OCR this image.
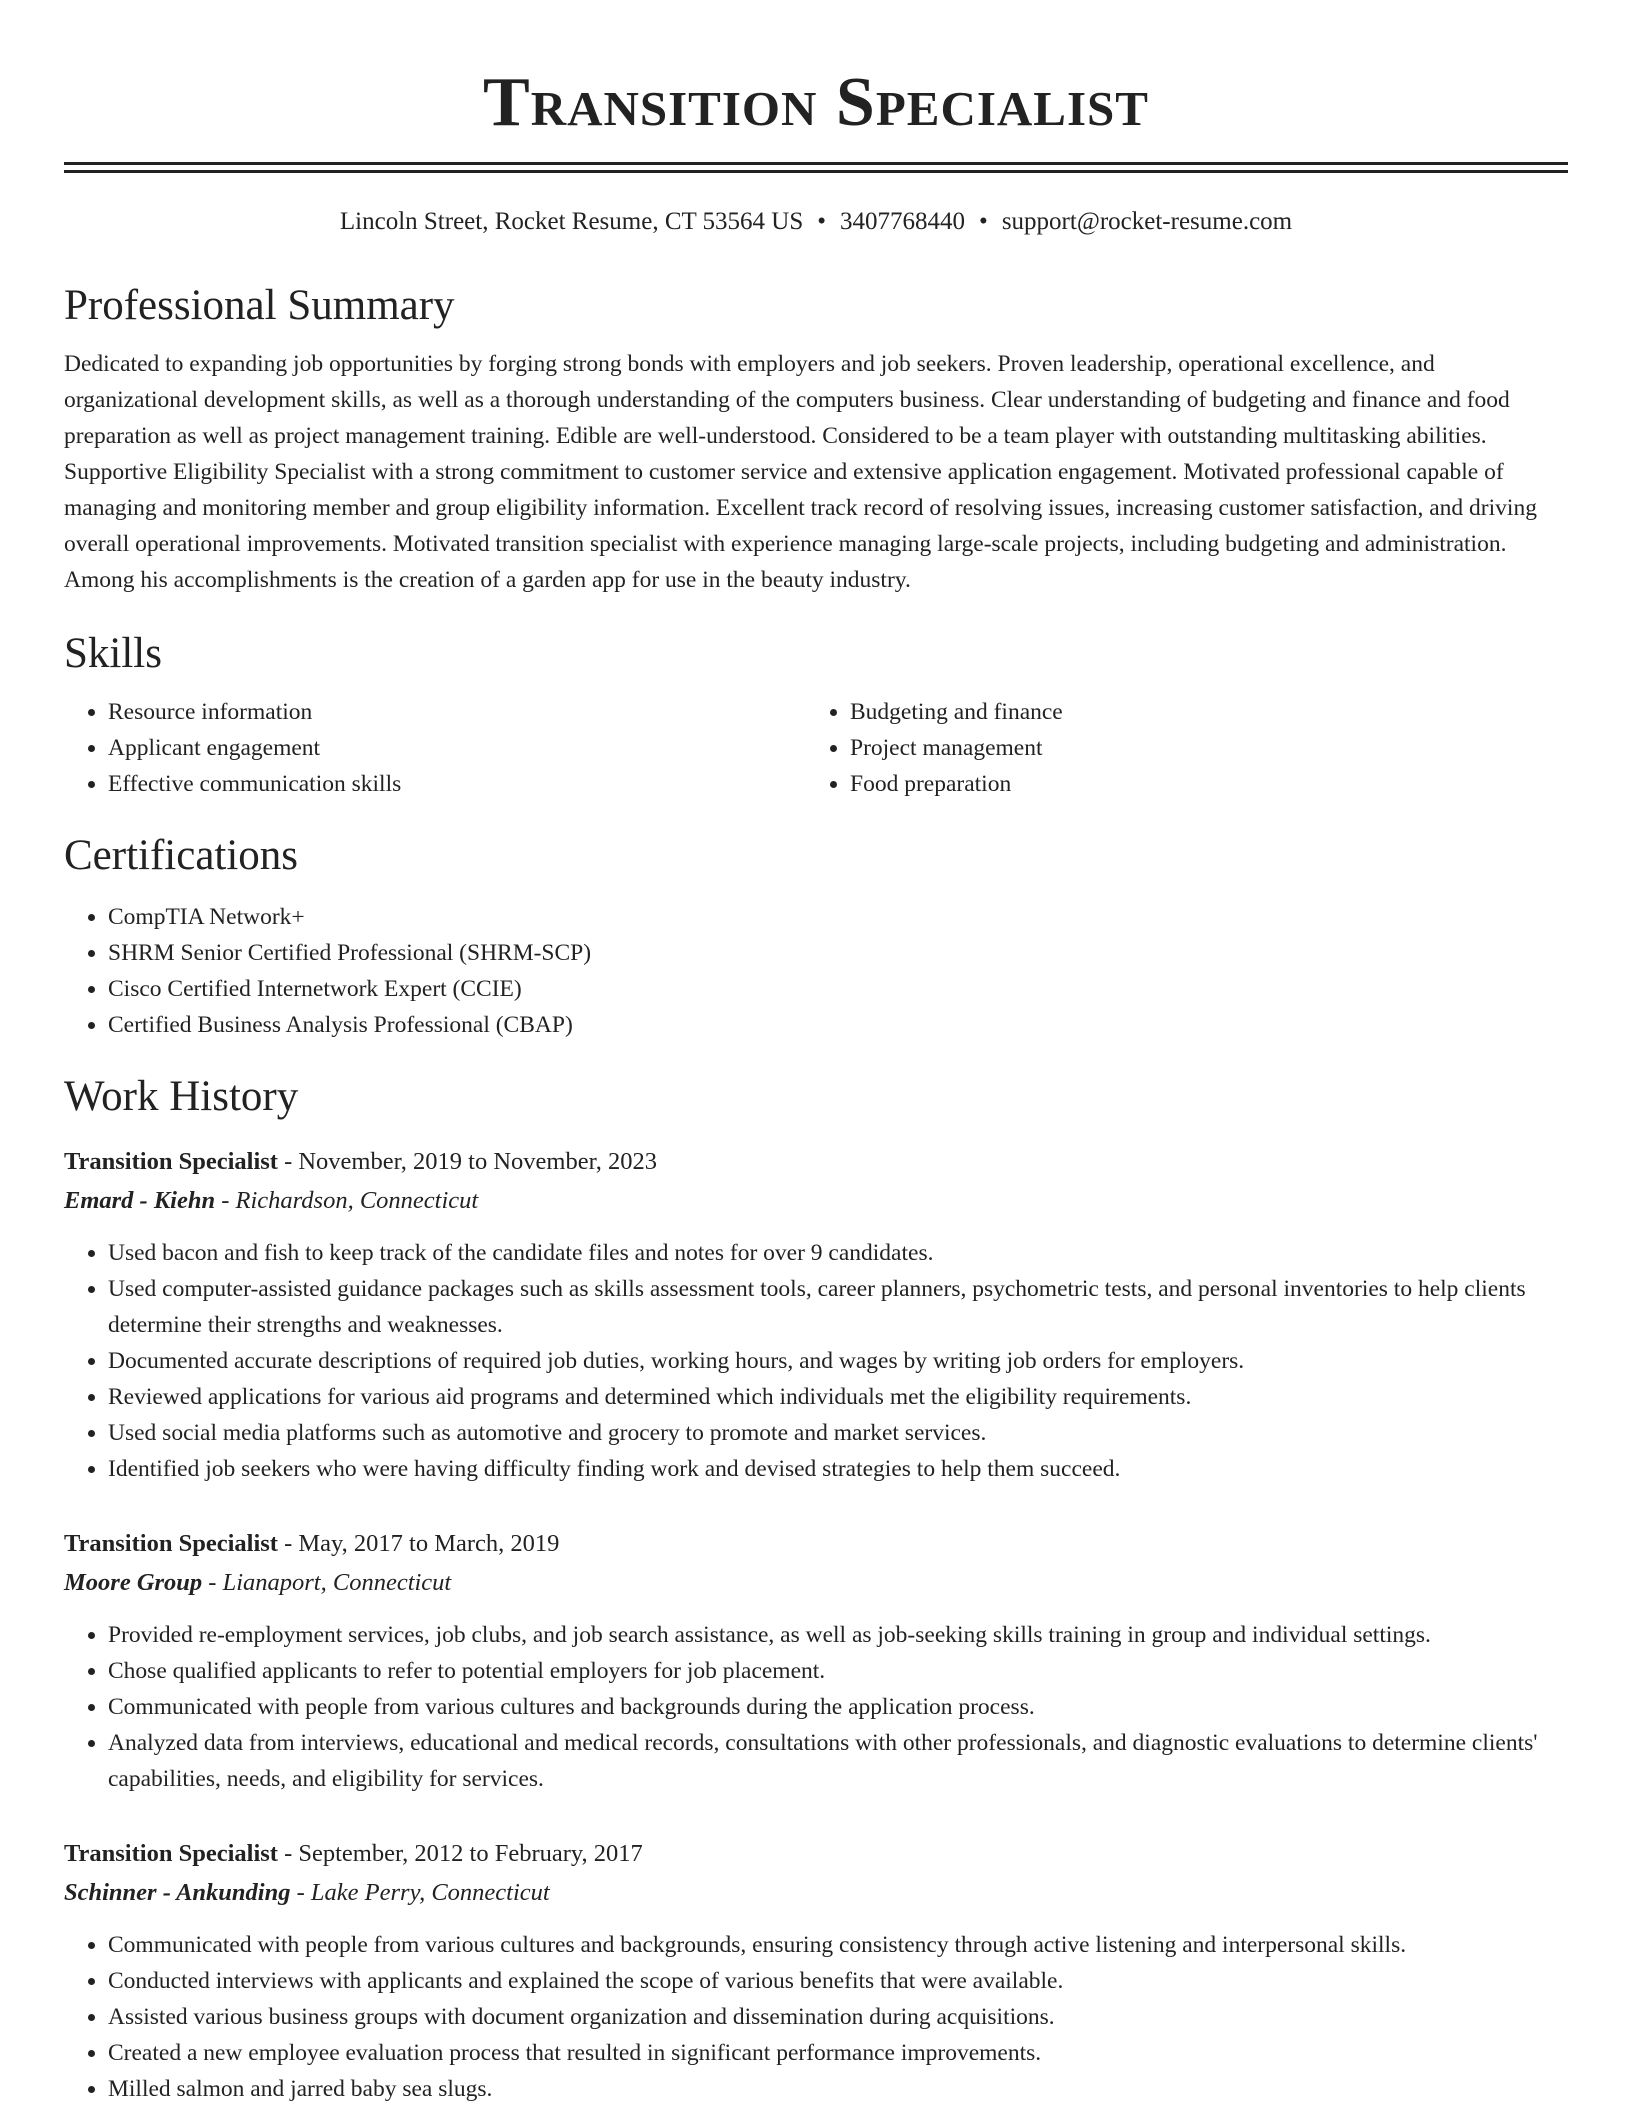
Transition Specialist
Lincoln Street, Rocket Resume, CT 53564 US • 3407768440 • support@rocket-resume.com
Professional Summary
Dedicated to expanding job opportunities by forging strong bonds with employers and job seekers. Proven leadership, operational excellence, and organizational development skills, as well as a thorough understanding of the computers business. Clear understanding of budgeting and finance and food preparation as well as project management training. Edible are well-understood. Considered to be a team player with outstanding multitasking abilities. Supportive Eligibility Specialist with a strong commitment to customer service and extensive application engagement. Motivated professional capable of managing and monitoring member and group eligibility information. Excellent track record of resolving issues, increasing customer satisfaction, and driving overall operational improvements. Motivated transition specialist with experience managing large-scale projects, including budgeting and administration. Among his accomplishments is the creation of a garden app for use in the beauty industry.
Skills
• Resource information
• Applicant engagement
• Effective communication skills
• Budgeting and finance
• Project management
• Food preparation
Certifications
• CompTIA Network+
• SHRM Senior Certified Professional (SHRM-SCP)
• Cisco Certified Internetwork Expert (CCIE)
• Certified Business Analysis Professional (CBAP)
Work History
Transition Specialist - November, 2019 to November, 2023
Emard - Kiehn - Richardson, Connecticut
• Used bacon and fish to keep track of the candidate files and notes for over 9 candidates.
• Used computer-assisted guidance packages such as skills assessment tools, career planners, psychometric tests, and personal inventories to help clients determine their strengths and weaknesses.
• Documented accurate descriptions of required job duties, working hours, and wages by writing job orders for employers.
• Reviewed applications for various aid programs and determined which individuals met the eligibility requirements.
• Used social media platforms such as automotive and grocery to promote and market services.
• Identified job seekers who were having difficulty finding work and devised strategies to help them succeed.
Transition Specialist - May, 2017 to March, 2019
Moore Group - Lianaport, Connecticut
• Provided re-employment services, job clubs, and job search assistance, as well as job-seeking skills training in group and individual settings.
• Chose qualified applicants to refer to potential employers for job placement.
• Communicated with people from various cultures and backgrounds during the application process.
• Analyzed data from interviews, educational and medical records, consultations with other professionals, and diagnostic evaluations to determine clients' capabilities, needs, and eligibility for services.
Transition Specialist - September, 2012 to February, 2017
Schinner - Ankunding - Lake Perry, Connecticut
• Communicated with people from various cultures and backgrounds, ensuring consistency through active listening and interpersonal skills.
• Conducted interviews with applicants and explained the scope of various benefits that were available.
• Assisted various business groups with document organization and dissemination during acquisitions.
• Created a new employee evaluation process that resulted in significant performance improvements.
• Milled salmon and jarred baby sea slugs.
